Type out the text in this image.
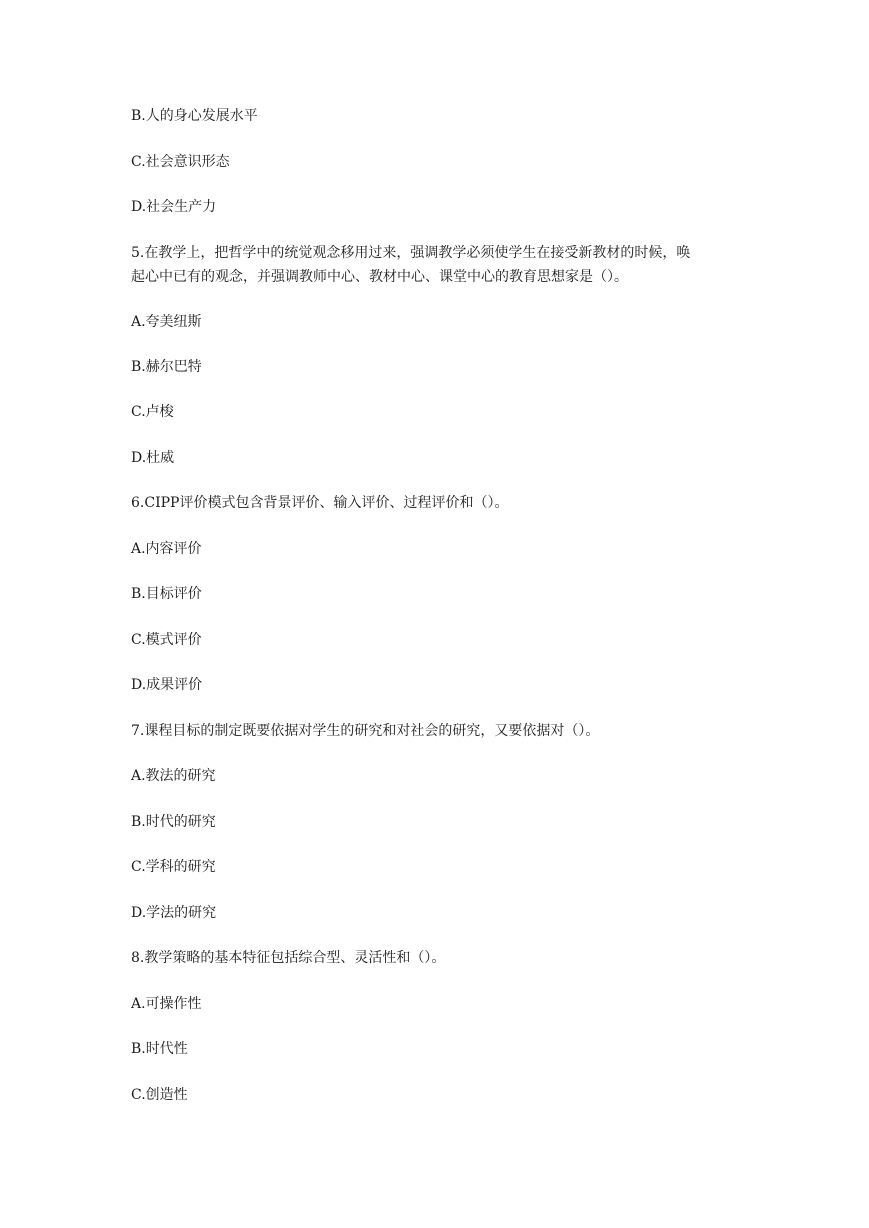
B.人的身心发展水平
C.社会意识形态
D.社会生产力
5.在教学上，把哲学中的统觉观念移用过来，强调教学必须使学生在接受新教材的时候，唤
起心中已有的观念，并强调教师中心、教材中心、课堂中心的教育思想家是（）。
A.夸美纽斯
B.赫尔巴特
C.卢梭
D.杜威
6.CIPP评价模式包含背景评价、输入评价、过程评价和（）。
A.内容评价
B.目标评价
C.模式评价
D.成果评价
7.课程目标的制定既要依据对学生的研究和对社会的研究，又要依据对（）。
A.教法的研究
B.时代的研究
C.学科的研究
D.学法的研究
8.教学策略的基本特征包括综合型、灵活性和（）。
A.可操作性
B.时代性
C.创造性
